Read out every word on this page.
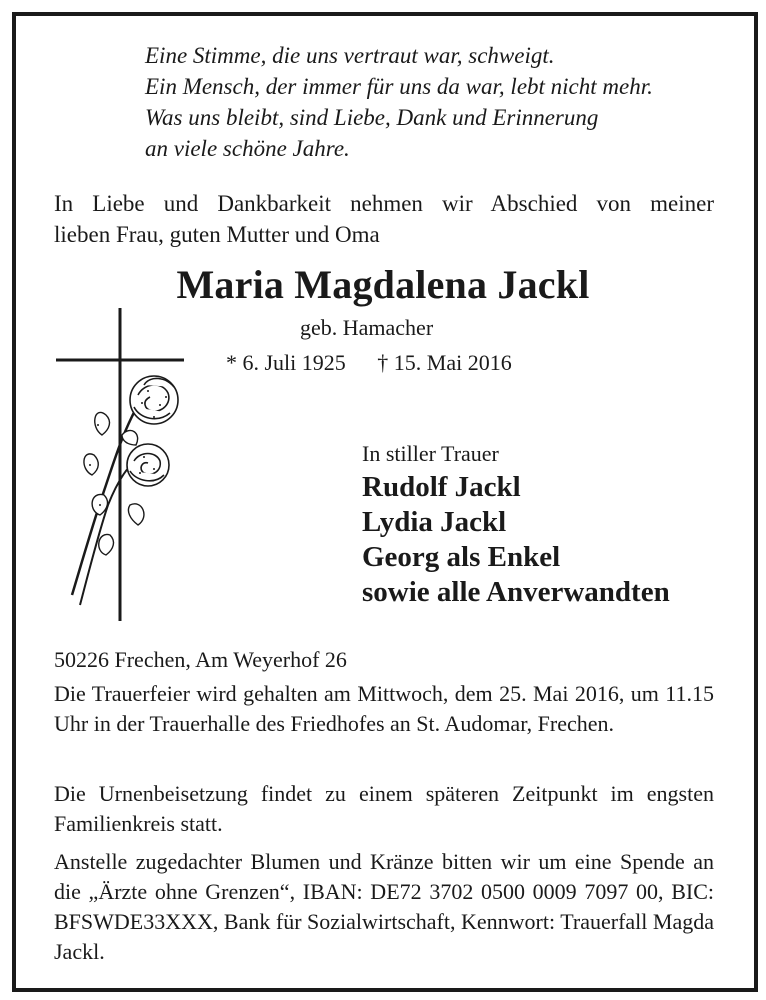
Eine Stimme, die uns vertraut war, schweigt.
Ein Mensch, der immer für uns da war, lebt nicht mehr.
Was uns bleibt, sind Liebe, Dank und Erinnerung
an viele schöne Jahre.
In Liebe und Dankbarkeit nehmen wir Abschied von meiner
lieben Frau, guten Mutter und Oma
Maria Magdalena Jackl
geb. Hamacher
* 6. Juli 1925 † 15. Mai 2016
In stiller Trauer
Rudolf Jackl
Lydia Jackl
Georg als Enkel
sowie alle Anverwandten
50226 Frechen, Am Weyerhof 26
Die Trauerfeier wird gehalten am Mittwoch, dem 25. Mai 2016, um 11.15 Uhr in der Trauerhalle des Friedhofes an St. Audomar, Frechen.
Die Urnenbeisetzung findet zu einem späteren Zeitpunkt im engsten Familienkreis statt.
Anstelle zugedachter Blumen und Kränze bitten wir um eine Spende an die „Ärzte ohne Grenzen“, IBAN: DE72 3702 0500 0009 7097 00, BIC: BFSWDE33XXX, Bank für Sozialwirtschaft, Kennwort: Trauerfall Magda Jackl.
